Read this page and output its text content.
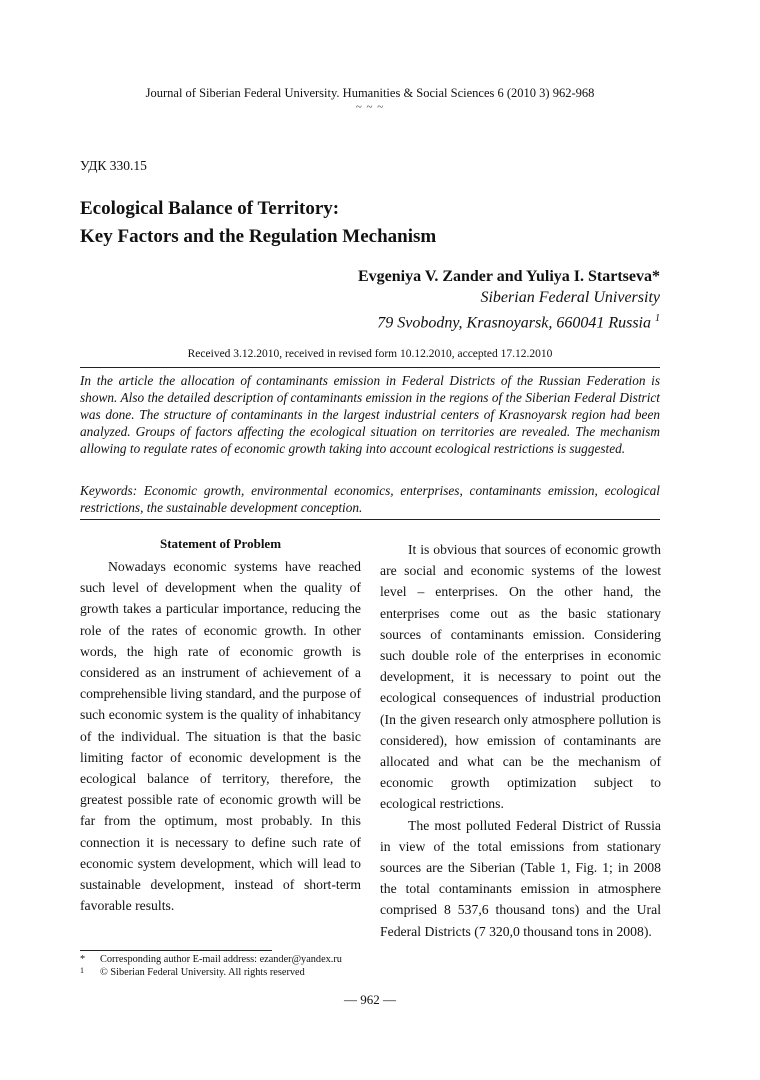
Journal of Siberian Federal University. Humanities & Social Sciences 6 (2010 3) 962-968
~ ~ ~
УДК 330.15
Ecological Balance of Territory:
Key Factors and the Regulation Mechanism
Evgeniya V. Zander and Yuliya I. Startseva*
Siberian Federal University
79 Svobodny, Krasnoyarsk, 660041 Russia $^1$
Received 3.12.2010, received in revised form 10.12.2010, accepted 17.12.2010
In the article the allocation of contaminants emission in Federal Districts of the Russian Federation is shown. Also the detailed description of contaminants emission in the regions of the Siberian Federal District was done. The structure of contaminants in the largest industrial centers of Krasnoyarsk region had been analyzed. Groups of factors affecting the ecological situation on territories are revealed. The mechanism allowing to regulate rates of economic growth taking into account ecological restrictions is suggested.
Keywords: Economic growth, environmental economics, enterprises, contaminants emission, ecological restrictions, the sustainable development conception.
Statement of Problem

Nowadays economic systems have reached such level of development when the quality of growth takes a particular importance, reducing the role of the rates of economic growth. In other words, the high rate of economic growth is considered as an instrument of achievement of a comprehensible living standard, and the purpose of such economic system is the quality of inhabitancy of the individual. The situation is that the basic limiting factor of economic development is the ecological balance of territory, therefore, the greatest possible rate of economic growth will be far from the optimum, most probably. In this connection it is necessary to define such rate of economic system development, which will lead to sustainable development, instead of short-term favorable results.

It is obvious that sources of economic growth are social and economic systems of the lowest level – enterprises. On the other hand, the enterprises come out as the basic stationary sources of contaminants emission. Considering such double role of the enterprises in economic development, it is necessary to point out the ecological consequences of industrial production (In the given research only atmosphere pollution is considered), how emission of contaminants are allocated and what can be the mechanism of economic growth optimization subject to ecological restrictions.

The most polluted Federal District of Russia in view of the total emissions from stationary sources are the Siberian (Table 1, Fig. 1; in 2008 the total contaminants emission in atmosphere comprised 8 537,6 thousand tons) and the Ural Federal Districts (7 320,0 thousand tons in 2008).

*	Corresponding author E-mail address: ezander@yandex.ru
1	© Siberian Federal University. All rights reserved
— 962 —
